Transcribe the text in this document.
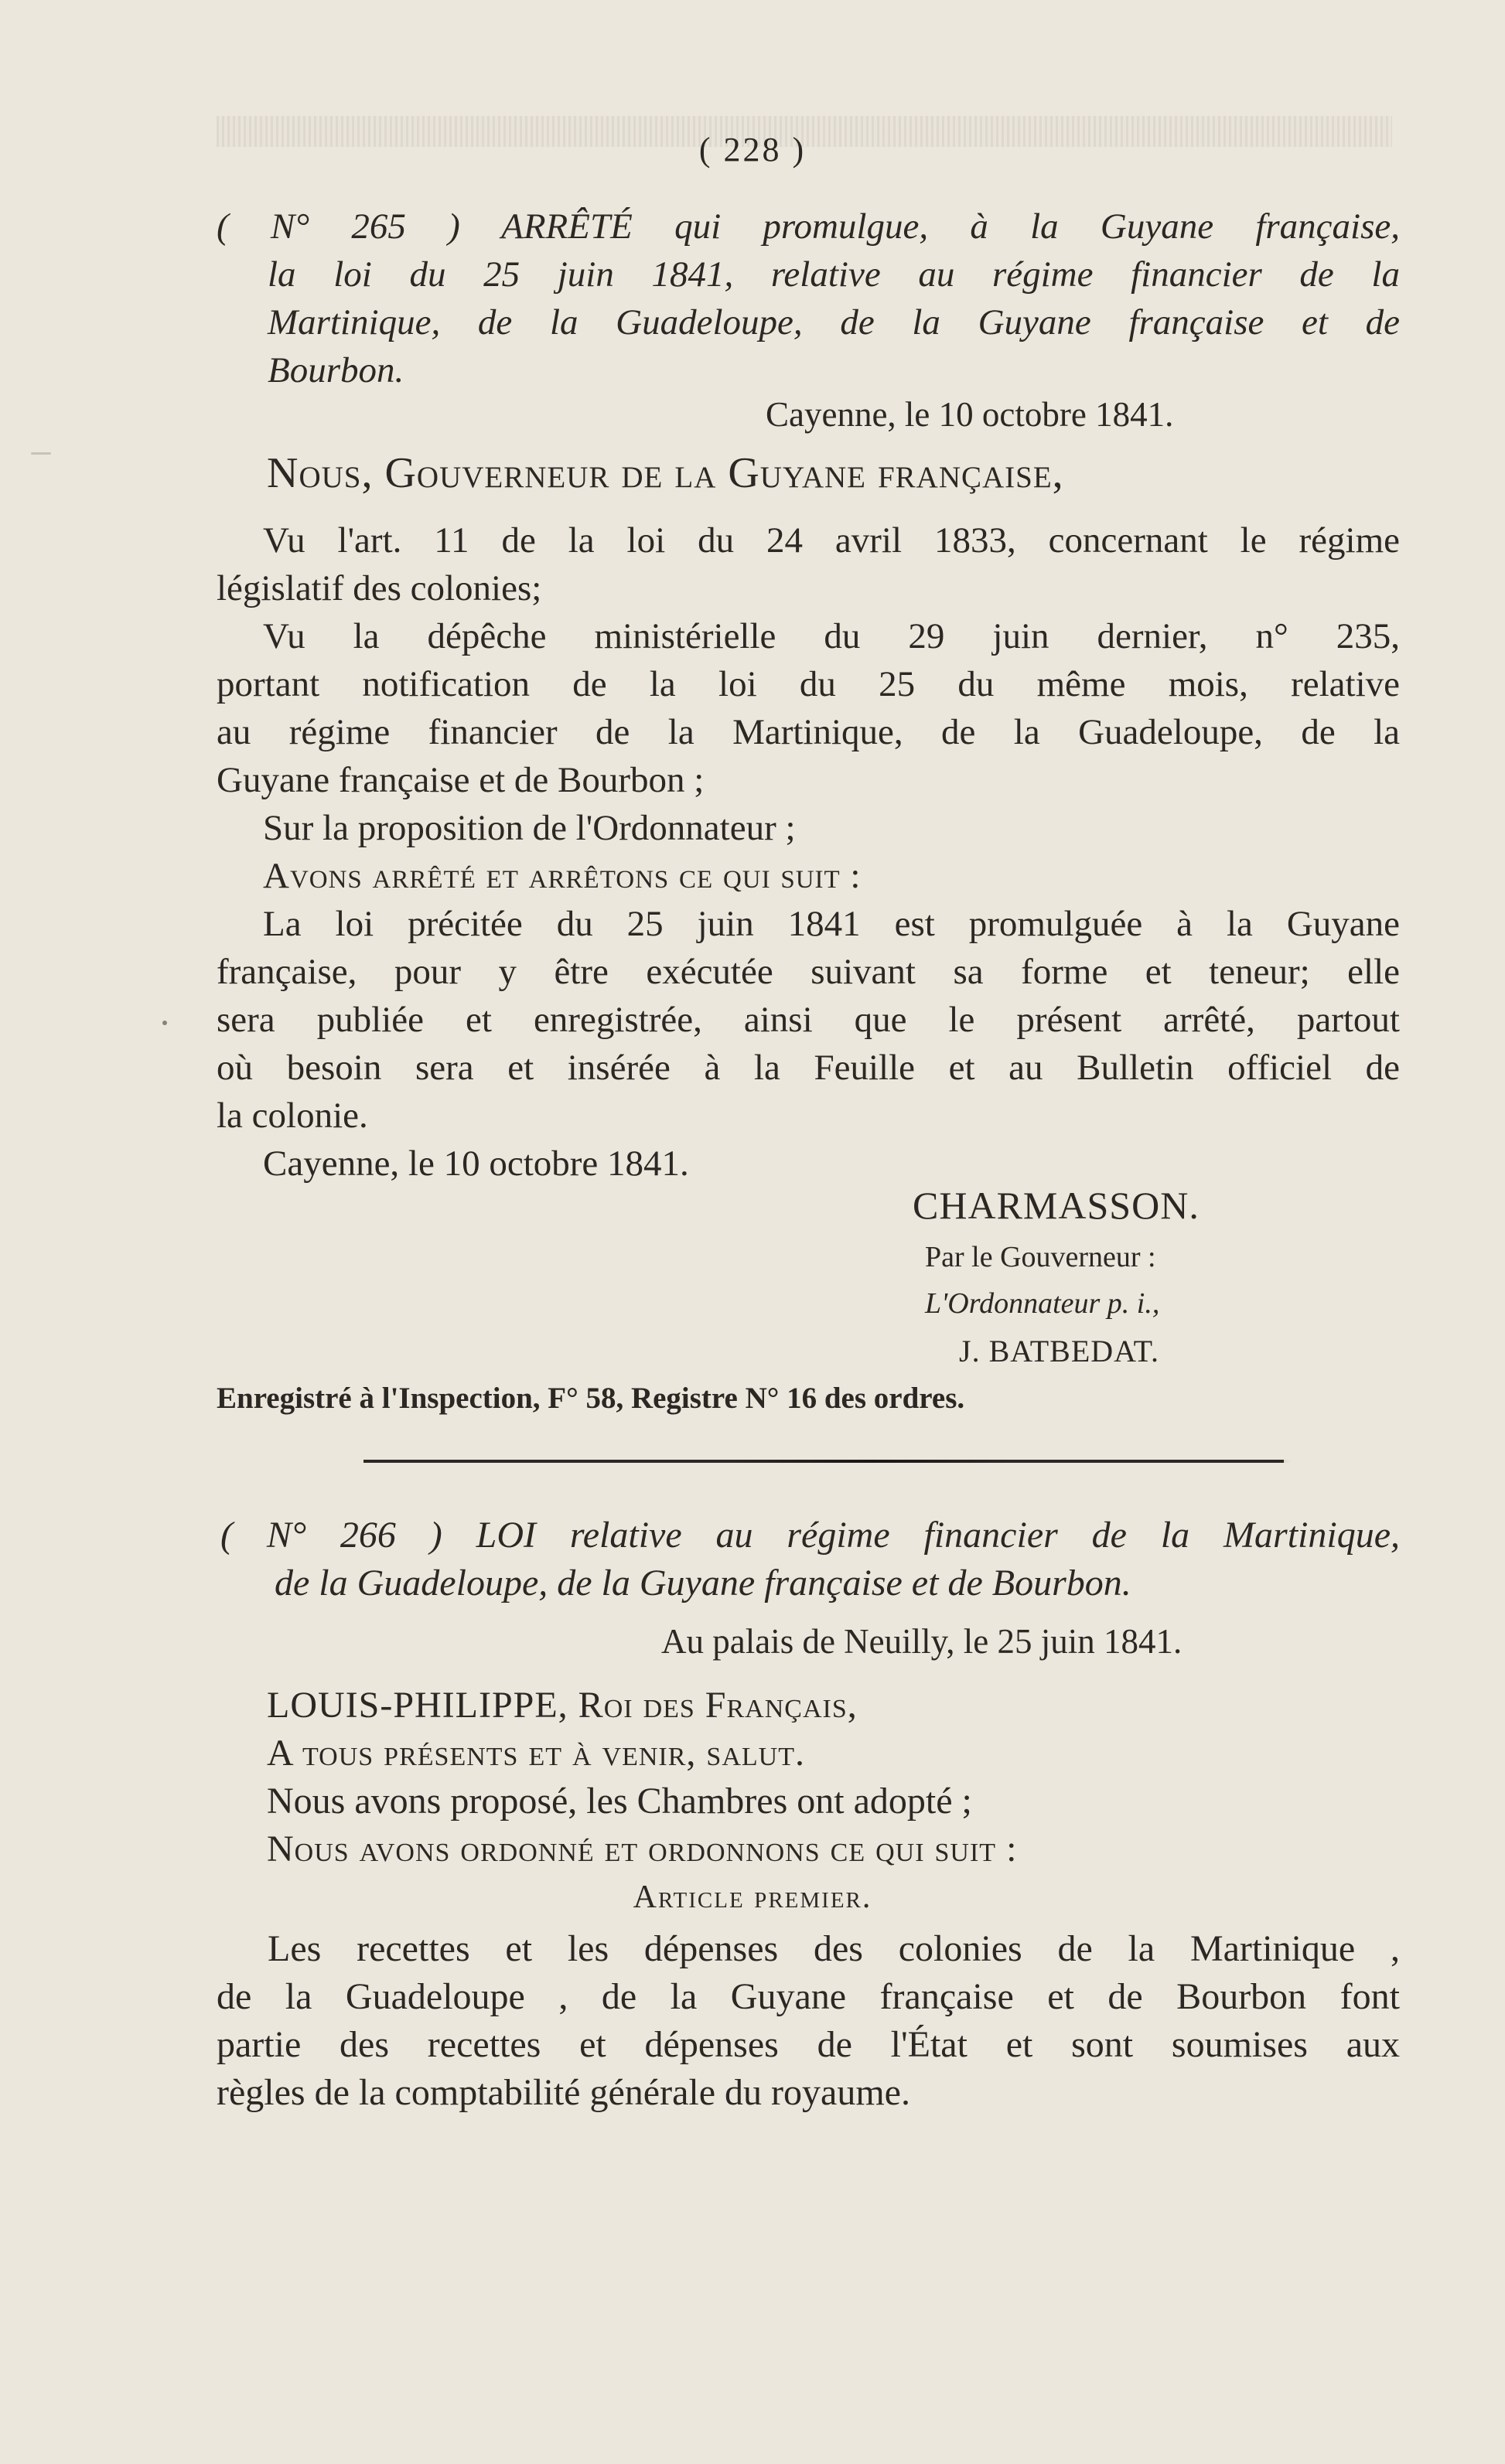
( 228 )
( N° 265 ) ARRÊTÉ qui promulgue, à la Guyane française,
la loi du 25 juin 1841, relative au régime financier de la
Martinique, de la Guadeloupe, de la Guyane française et de
Bourbon.
Cayenne, le 10 octobre 1841.
Nous, Gouverneur de la Guyane française,
Vu l'art. 11 de la loi du 24 avril 1833, concernant le régime
législatif des colonies;
Vu la dépêche ministérielle du 29 juin dernier, n° 235,
portant notification de la loi du 25 du même mois, relative
au régime financier de la Martinique, de la Guadeloupe, de la
Guyane française et de Bourbon ;
Sur la proposition de l'Ordonnateur ;
Avons arrêté et arrêtons ce qui suit :
La loi précitée du 25 juin 1841 est promulguée à la Guyane
française, pour y être exécutée suivant sa forme et teneur; elle
sera publiée et enregistrée, ainsi que le présent arrêté, partout
où besoin sera et insérée à la Feuille et au Bulletin officiel de
la colonie.
Cayenne, le 10 octobre 1841.
CHARMASSON.
Par le Gouverneur :
L'Ordonnateur p. i.,
J. BATBEDAT.
Enregistré à l'Inspection, F° 58, Registre N° 16 des ordres.
( N° 266 ) LOI relative au régime financier de la Martinique,
de la Guadeloupe, de la Guyane française et de Bourbon.
Au palais de Neuilly, le 25 juin 1841.
LOUIS-PHILIPPE, Roi des Français,
A tous présents et à venir, salut.
Nous avons proposé, les Chambres ont adopté ;
Nous avons ordonné et ordonnons ce qui suit :
Article premier.
Les recettes et les dépenses des colonies de la Martinique ,
de la Guadeloupe , de la Guyane française et de Bourbon font
partie des recettes et dépenses de l'État et sont soumises aux
règles de la comptabilité générale du royaume.
